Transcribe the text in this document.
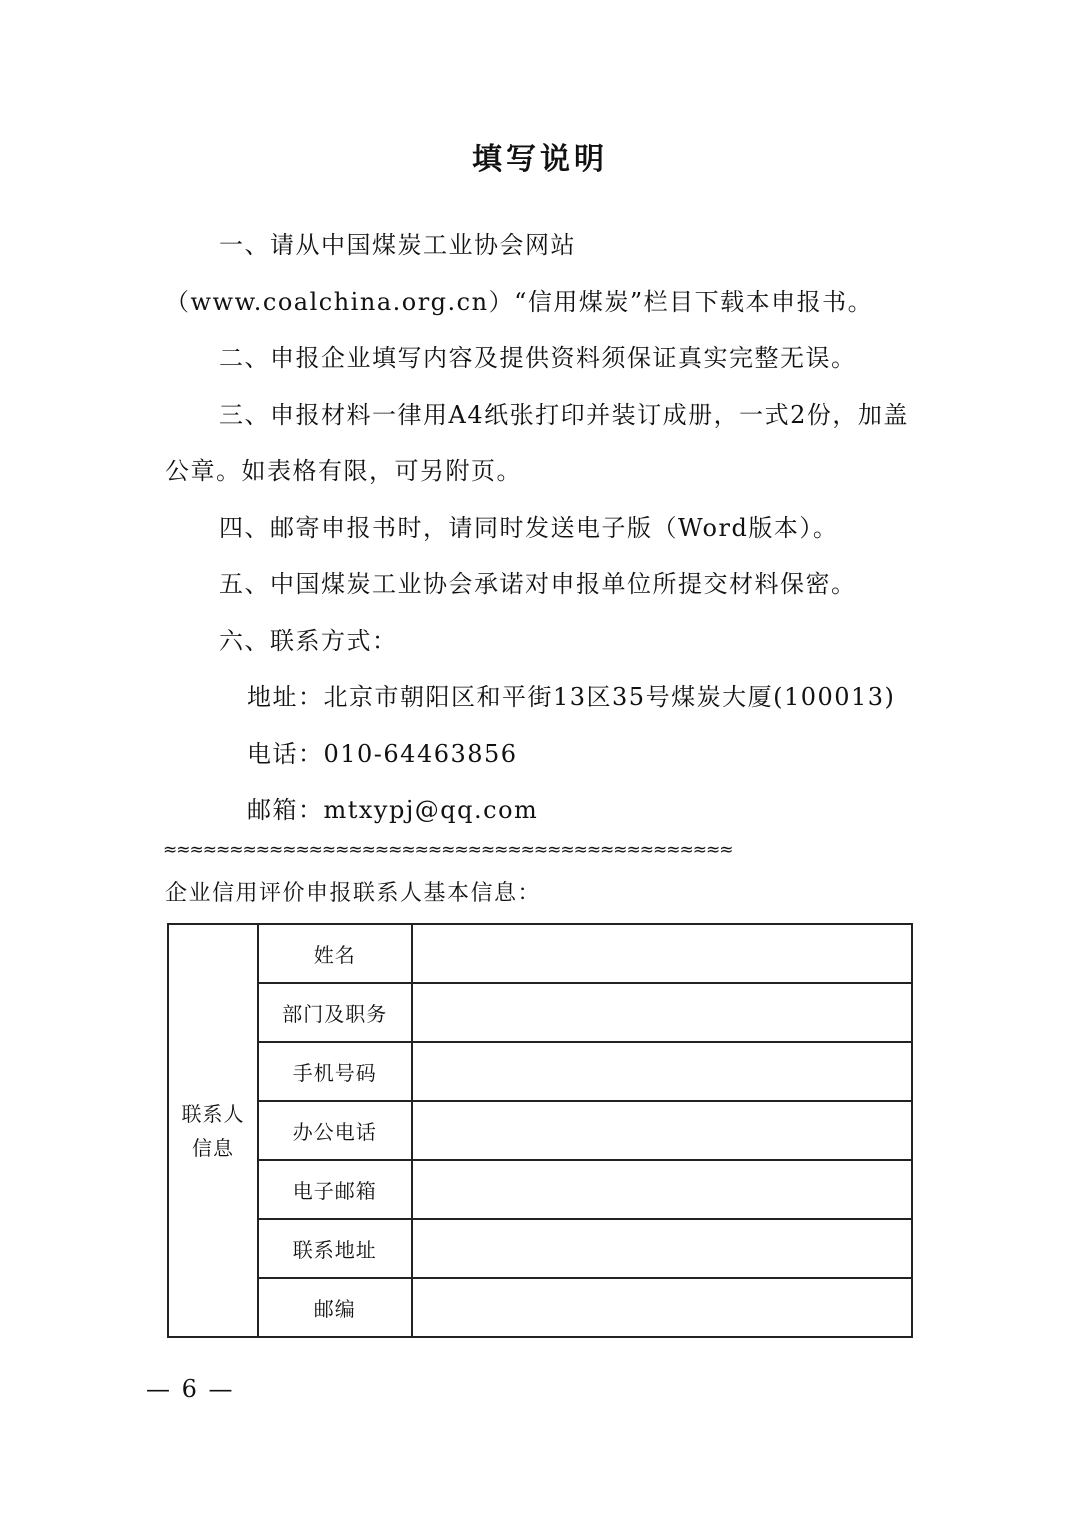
填写说明

一、请从中国煤炭工业协会网站（www.coalchina.org.cn）“信用煤炭”栏目下载本申报书。

二、申报企业填写内容及提供资料须保证真实完整无误。

三、申报材料一律用A4纸张打印并装订成册，一式2份，加盖公章。如表格有限，可另附页。

四、邮寄申报书时，请同时发送电子版（Word版本）。

五、中国煤炭工业协会承诺对申报单位所提交材料保密。

六、联系方式：

地址：北京市朝阳区和平街13区35号煤炭大厦(100013)

电话：010-64463856

邮箱：mtxypj@qq.com

≈≈≈≈≈≈≈≈≈≈≈≈≈≈≈≈≈≈≈≈≈≈≈≈≈≈≈≈≈≈≈≈≈≈≈≈≈≈≈≈≈≈≈
企业信用评价申报联系人基本信息：
联系人信息	姓名	
	部门及职务	
	手机号码	
	办公电话	
	电子邮箱	
	联系地址	
	邮编	
— 6 —
